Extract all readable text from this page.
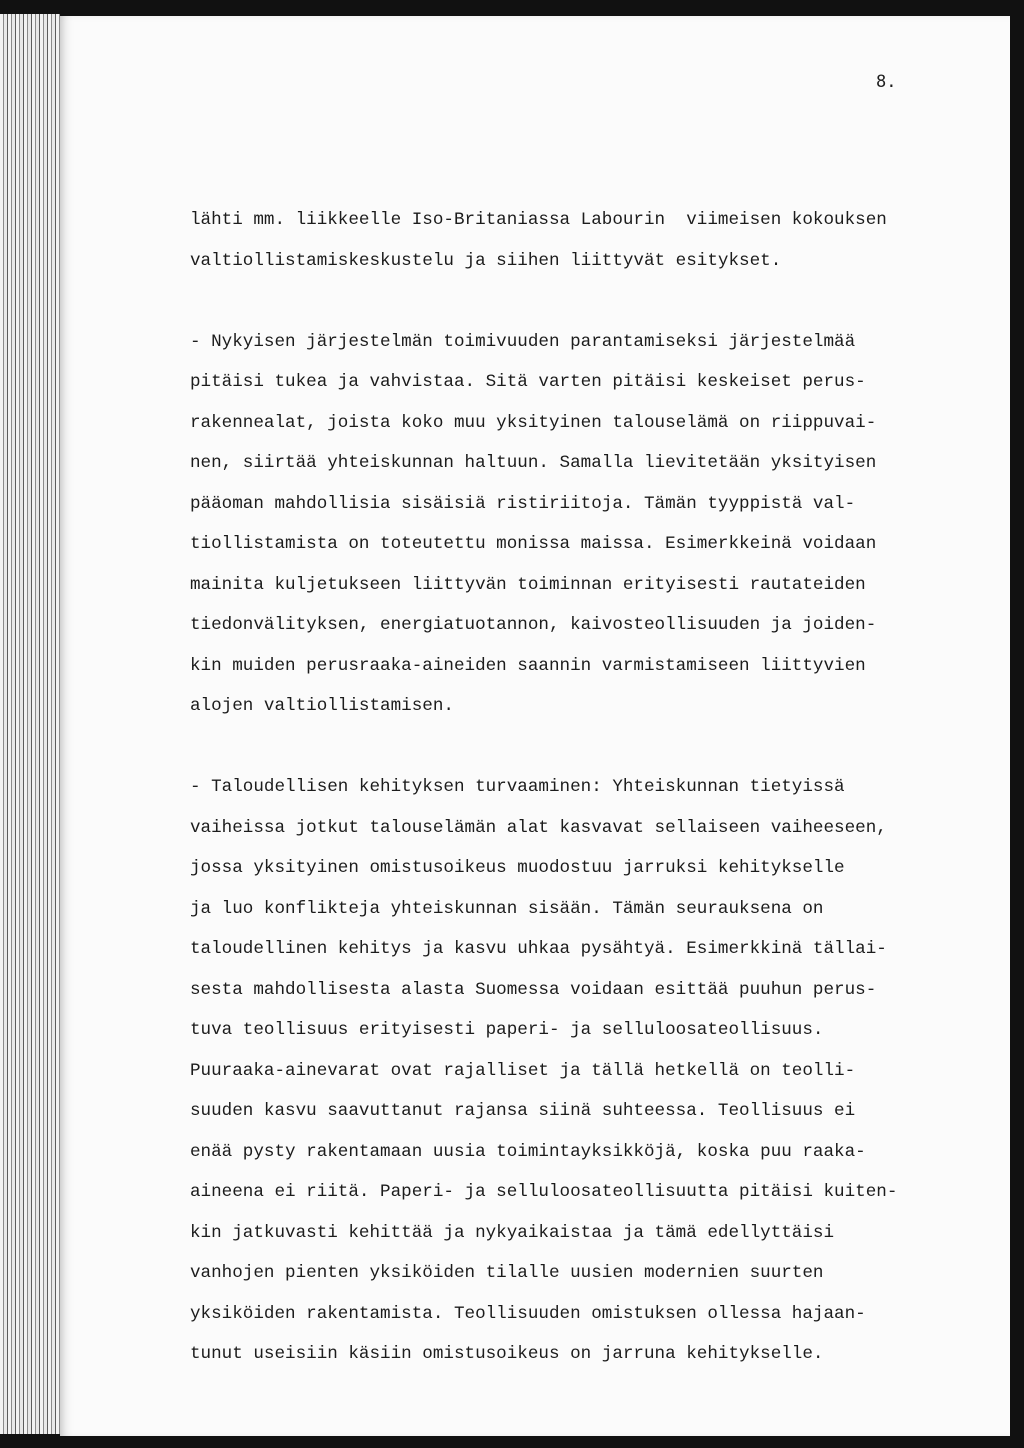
8.

lähti mm. liikkeelle Iso-Britaniassa Labourin  viimeisen kokouksen
valtiollistamiskeskustelu ja siihen liittyvät esitykset.

- Nykyisen järjestelmän toimivuuden parantamiseksi järjestelmää
pitäisi tukea ja vahvistaa. Sitä varten pitäisi keskeiset perus-
rakennealat, joista koko muu yksityinen talouselämä on riippuvai-
nen, siirtää yhteiskunnan haltuun. Samalla lievitetään yksityisen
pääoman mahdollisia sisäisiä ristiriitoja. Tämän tyyppistä val-
tiollistamista on toteutettu monissa maissa. Esimerkkeinä voidaan
mainita kuljetukseen liittyvän toiminnan erityisesti rautateiden
tiedonvälityksen, energiatuotannon, kaivosteollisuuden ja joiden-
kin muiden perusraaka-aineiden saannin varmistamiseen liittyvien
alojen valtiollistamisen.

- Taloudellisen kehityksen turvaaminen: Yhteiskunnan tietyissä
vaiheissa jotkut talouselämän alat kasvavat sellaiseen vaiheeseen,
jossa yksityinen omistusoikeus muodostuu jarruksi kehitykselle
ja luo konflikteja yhteiskunnan sisään. Tämän seurauksena on
taloudellinen kehitys ja kasvu uhkaa pysähtyä. Esimerkkinä tällai-
sesta mahdollisesta alasta Suomessa voidaan esittää puuhun perus-
tuva teollisuus erityisesti paperi- ja selluloosateollisuus.
Puuraaka-ainevarat ovat rajalliset ja tällä hetkellä on teolli-
suuden kasvu saavuttanut rajansa siinä suhteessa. Teollisuus ei
enää pysty rakentamaan uusia toimintayksikköjä, koska puu raaka-
aineena ei riitä. Paperi- ja selluloosateollisuutta pitäisi kuiten-
kin jatkuvasti kehittää ja nykyaikaistaa ja tämä edellyttäisi
vanhojen pienten yksiköiden tilalle uusien modernien suurten
yksiköiden rakentamista. Teollisuuden omistuksen ollessa hajaan-
tunut useisiin käsiin omistusoikeus on jarruna kehitykselle.
